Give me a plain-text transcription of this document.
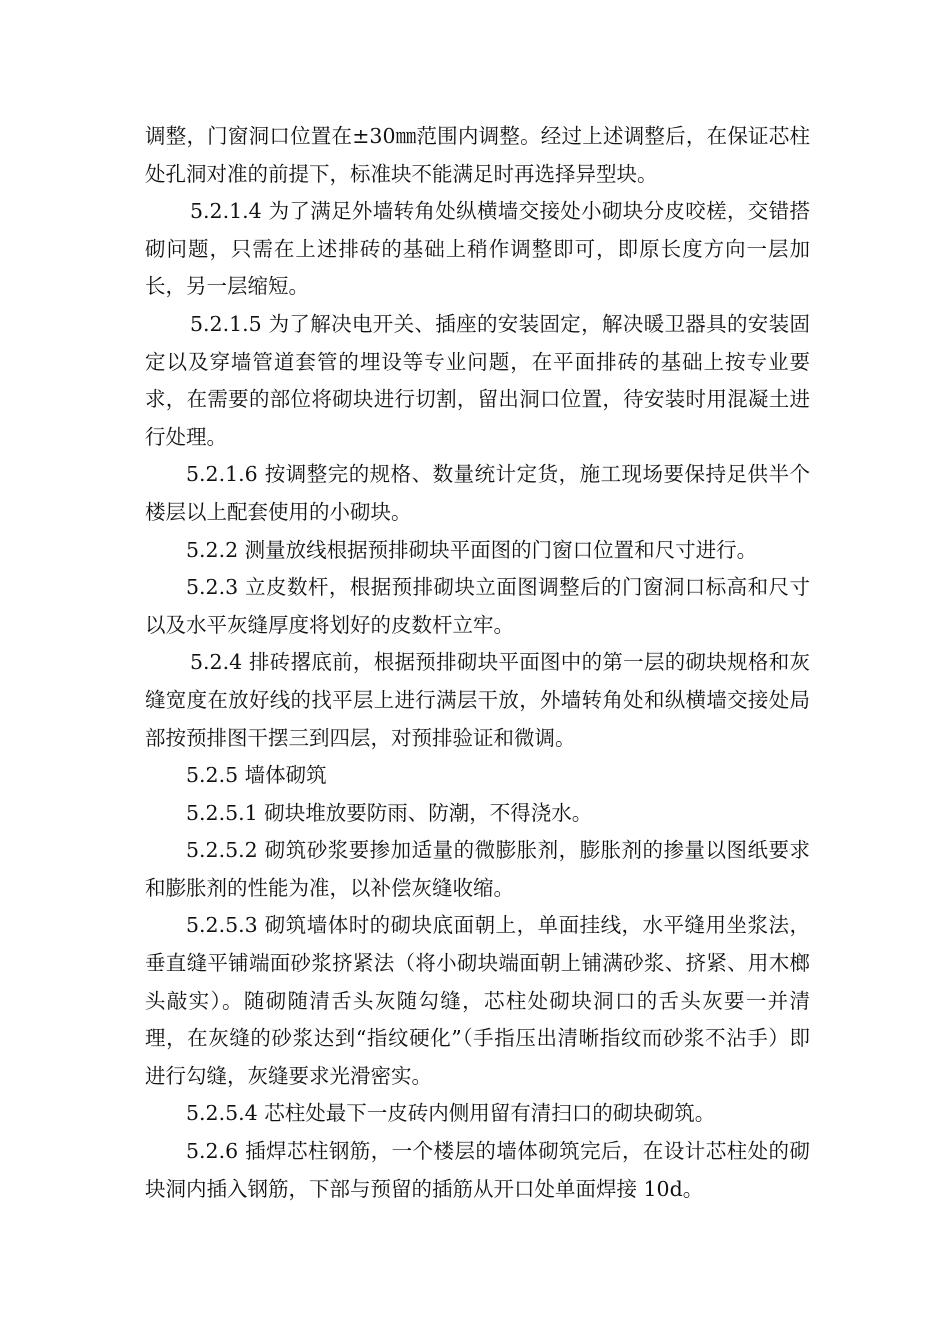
调整，门窗洞口位置在±30㎜范围内调整。经过上述调整后，在保证芯柱处孔洞对准的前提下，标准块不能满足时再选择异型块。

5.2.1.4 为了满足外墙转角处纵横墙交接处小砌块分皮咬槎，交错搭砌问题，只需在上述排砖的基础上稍作调整即可，即原长度方向一层加长，另一层缩短。

5.2.1.5 为了解决电开关、插座的安装固定，解决暖卫器具的安装固定以及穿墙管道套管的埋设等专业问题，在平面排砖的基础上按专业要求，在需要的部位将砌块进行切割，留出洞口位置，待安装时用混凝土进行处理。

5.2.1.6 按调整完的规格、数量统计定货，施工现场要保持足供半个楼层以上配套使用的小砌块。

5.2.2 测量放线根据预排砌块平面图的门窗口位置和尺寸进行。

5.2.3 立皮数杆，根据预排砌块立面图调整后的门窗洞口标高和尺寸以及水平灰缝厚度将划好的皮数杆立牢。

5.2.4 排砖撂底前，根据预排砌块平面图中的第一层的砌块规格和灰缝宽度在放好线的找平层上进行满层干放，外墙转角处和纵横墙交接处局部按预排图干摆三到四层，对预排验证和微调。

5.2.5 墙体砌筑

5.2.5.1 砌块堆放要防雨、防潮，不得浇水。

5.2.5.2 砌筑砂浆要掺加适量的微膨胀剂，膨胀剂的掺量以图纸要求和膨胀剂的性能为准，以补偿灰缝收缩。

5.2.5.3 砌筑墙体时的砌块底面朝上，单面挂线，水平缝用坐浆法，垂直缝平铺端面砂浆挤紧法（将小砌块端面朝上铺满砂浆、挤紧、用木榔头敲实）。随砌随清舌头灰随勾缝，芯柱处砌块洞口的舌头灰要一并清理，在灰缝的砂浆达到“指纹硬化”（手指压出清晰指纹而砂浆不沾手）即进行勾缝，灰缝要求光滑密实。

5.2.5.4 芯柱处最下一皮砖内侧用留有清扫口的砌块砌筑。

5.2.6 插焊芯柱钢筋，一个楼层的墙体砌筑完后，在设计芯柱处的砌块洞内插入钢筋，下部与预留的插筋从开口处单面焊接 10d。
